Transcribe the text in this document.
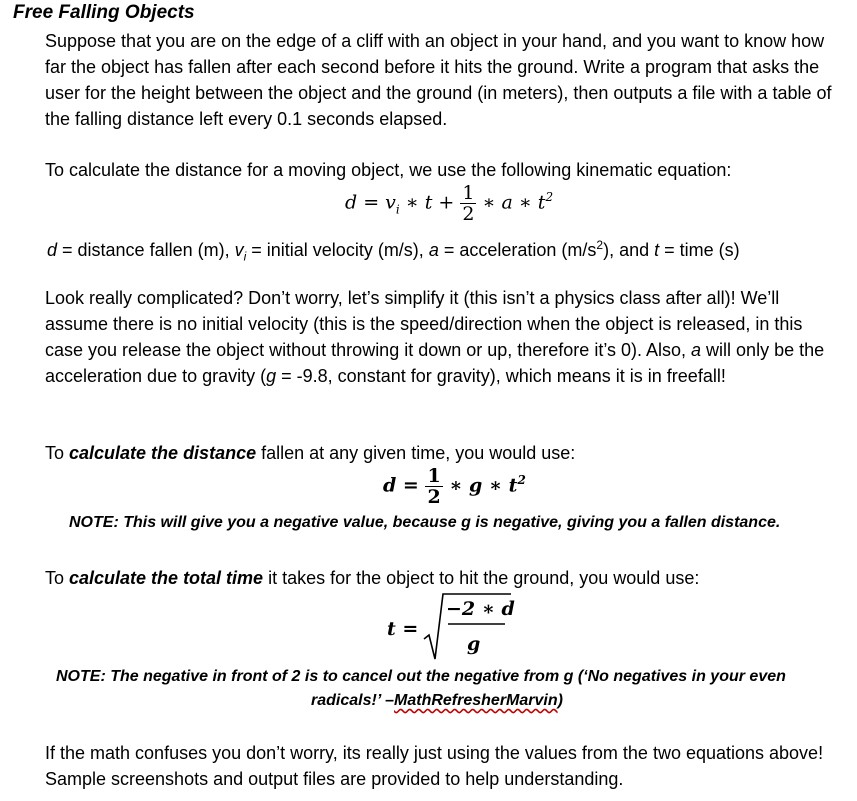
Free Falling Objects

Suppose that you are on the edge of a cliff with an object in your hand, and you want to know how far the object has fallen after each second before it hits the ground. Write a program that asks the user for the height between the object and the ground (in meters), then outputs a file with a table of the falling distance left every 0.1 seconds elapsed.

To calculate the distance for a moving object, we use the following kinematic equation:

$d = v_i$ ∗ $t + \frac{1}{2}$ ∗ a ∗ $t^2$

d = distance fallen (m), $v_i$ = initial velocity (m/s), a = acceleration $(m/s^2)$, and t = time (s)

Look really complicated? Don’t worry, let’s simplify it (this isn’t a physics class after all)! We’ll assume there is no initial velocity (this is the speed/direction when the object is released, in this case you release the object without throwing it down or up, therefore it’s 0). Also, a will only be the acceleration due to gravity (g = -9.8, constant for gravity), which means it is in freefall!

To calculate the distance fallen at any given time, you would use:

$d = \frac{1}{2}$ ∗ g ∗ $t^2$
NOTE: This will give you a negative value, because g is negative, giving you a fallen distance.

To calculate the total time it takes for the object to hit the ground, you would use:

t =
−2 ∗ d
g
NOTE: The negative in front of 2 is to cancel out the negative from g (‘No negatives in your even
radicals!’ –MathRefresherMarvin)

If the math confuses you don’t worry, its really just using the values from the two equations above! Sample screenshots and output files are provided to help understanding.
